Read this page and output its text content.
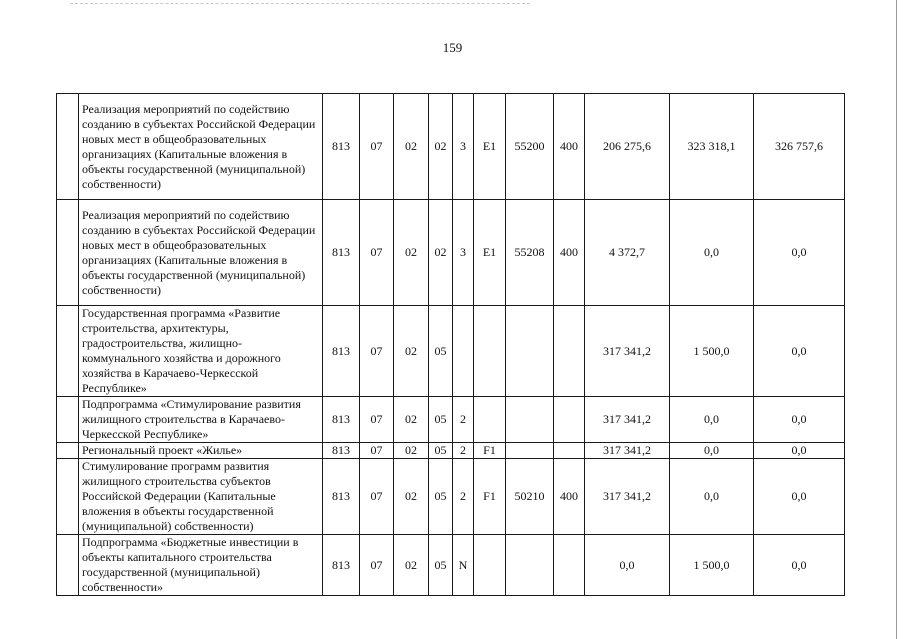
159
	Реализация мероприятий по содействию созданию в субъектах Российской Федерации новых мест в общеобразовательных организациях (Капитальные вложения в объекты государственной (муниципальной) собственности)	813	07	02	02	3	E1	55200	400	206 275,6	323 318,1	326 757,6
	Реализация мероприятий по содействию созданию в субъектах Российской Федерации новых мест в общеобразовательных организациях (Капитальные вложения в объекты государственной (муниципальной) собственности)	813	07	02	02	3	E1	55208	400	4 372,7	0,0	0,0
	Государственная программа «Развитие строительства, архитектуры, градостроительства, жилищно-коммунального хозяйства и дорожного хозяйства в Карачаево-Черкесской Республике»	813	07	02	05					317 341,2	1 500,0	0,0
	Подпрограмма «Стимулирование развития жилищного строительства в Карачаево-Черкесской Республике»	813	07	02	05	2				317 341,2	0,0	0,0
	Региональный проект «Жилье»	813	07	02	05	2	F1			317 341,2	0,0	0,0
	Стимулирование программ развития жилищного строительства субъектов Российской Федерации (Капитальные вложения в объекты государственной (муниципальной) собственности)	813	07	02	05	2	F1	50210	400	317 341,2	0,0	0,0
	Подпрограмма «Бюджетные инвестиции в объекты капитального строительства государственной (муниципальной) собственности»	813	07	02	05	N				0,0	1 500,0	0,0
